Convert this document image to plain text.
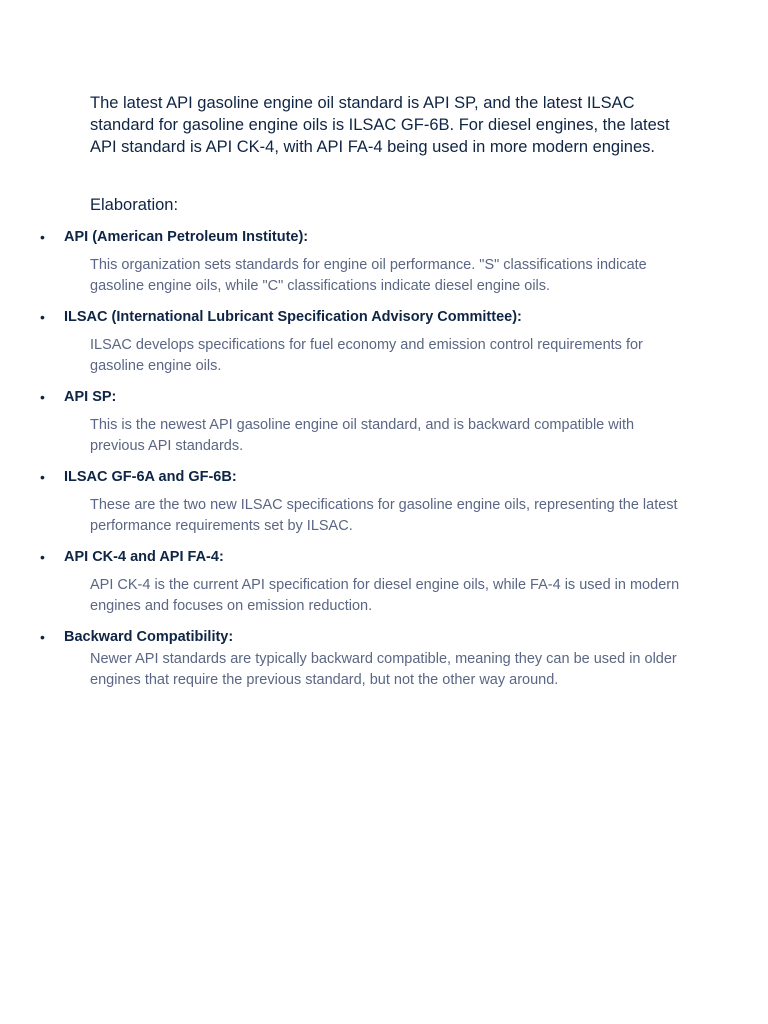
The latest API gasoline engine oil standard is API SP, and the latest ILSAC standard for gasoline engine oils is ILSAC GF-6B. For diesel engines, the latest API standard is API CK-4, with API FA-4 being used in more modern engines.

Elaboration:

• API (American Petroleum Institute):
This organization sets standards for engine oil performance. "S" classifications indicate gasoline engine oils, while "C" classifications indicate diesel engine oils.
• ILSAC (International Lubricant Specification Advisory Committee):
ILSAC develops specifications for fuel economy and emission control requirements for gasoline engine oils.
• API SP:
This is the newest API gasoline engine oil standard, and is backward compatible with previous API standards.
• ILSAC GF-6A and GF-6B:
These are the two new ILSAC specifications for gasoline engine oils, representing the latest performance requirements set by ILSAC.
• API CK-4 and API FA-4:
API CK-4 is the current API specification for diesel engine oils, while FA-4 is used in modern engines and focuses on emission reduction.
• Backward Compatibility:
Newer API standards are typically backward compatible, meaning they can be used in older engines that require the previous standard, but not the other way around.
